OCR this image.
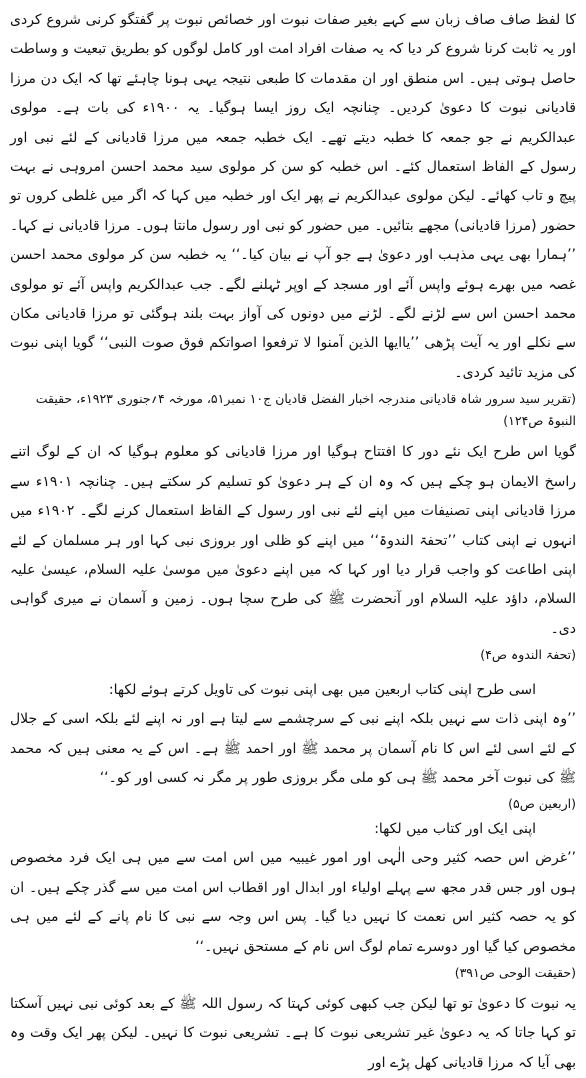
کا لفظ صاف صاف زبان سے کہے بغیر صفات نبوت اور خصائص نبوت پر گفتگو کرنی شروع کردی اور یہ ثابت کرنا شروع کر دیا کہ یہ صفات افراد امت اور کامل لوگوں کو بطریق تبعیت و وساطت حاصل ہوتی ہیں۔ اس منطق اور ان مقدمات کا طبعی نتیجہ یہی ہونا چاہئے تھا کہ ایک دن مرزا قادیانی نبوت کا دعویٰ کردیں۔ چنانچہ ایک روز ایسا ہوگیا۔ یہ ۱۹۰۰ء کی بات ہے۔ مولوی عبدالکریم نے جو جمعہ کا خطبہ دیتے تھے۔ ایک خطبہ جمعہ میں مرزا قادیانی کے لئے نبی اور رسول کے الفاظ استعمال کئے۔ اس خطبہ کو سن کر مولوی سید محمد احسن امروہی نے بہت پیچ و تاب کھائے۔ لیکن مولوی عبدالکریم نے پھر ایک اور خطبہ میں کہا کہ اگر میں غلطی کروں تو حضور (مرزا قادیانی) مجھے بتائیں۔ میں حضور کو نبی اور رسول مانتا ہوں۔ مرزا قادیانی نے کہا۔ ’’ہمارا بھی یہی مذہب اور دعویٰ ہے جو آپ نے بیان کیا۔‘‘ یہ خطبہ سن کر مولوی محمد احسن غصہ میں بھرے ہوئے واپس آئے اور مسجد کے اوپر ٹہلنے لگے۔ جب عبدالکریم واپس آئے تو مولوی محمد احسن اس سے لڑنے لگے۔ لڑنے میں دونوں کی آواز بہت بلند ہوگئی تو مرزا قادیانی مکان سے نکلے اور یہ آیت پڑھی ’’یاایھا الذین آمنوا لا ترفعوا اصواتکم فوق صوت النبی‘‘ گویا اپنی نبوت کی مزید تائید کردی۔

(تقریر سید سرور شاہ قادیانی مندرجہ اخبار الفضل قادیان ج۱۰ نمبر۵۱، مورخہ ۴؍جنوری ۱۹۲۳ء، حقیقت النبوۃ ص۱۲۴)

گویا اس طرح ایک نئے دور کا افتتاح ہوگیا اور مرزا قادیانی کو معلوم ہوگیا کہ ان کے لوگ اتنے راسخ الایمان ہو چکے ہیں کہ وہ ان کے ہر دعویٰ کو تسلیم کر سکتے ہیں۔ چنانچہ ۱۹۰۱ء سے مرزا قادیانی اپنی تصنیفات میں اپنے لئے نبی اور رسول کے الفاظ استعمال کرنے لگے۔ ۱۹۰۲ء میں انہوں نے اپنی کتاب ’’تحفۃ الندوۃ‘‘ میں اپنے کو ظلی اور بروزی نبی کہا اور ہر مسلمان کے لئے اپنی اطاعت کو واجب قرار دیا اور کہا کہ میں اپنے دعویٰ میں موسیٰ علیہ السلام، عیسیٰ علیہ السلام، داؤد علیہ السلام اور آنحضرت ﷺ کی طرح سچا ہوں۔ زمین و آسمان نے میری گواہی دی۔

(تحفۃ الندوہ ص۴)

اسی طرح اپنی کتاب اربعین میں بھی اپنی نبوت کی تاویل کرتے ہوئے لکھا:

’’وہ اپنی ذات سے نہیں بلکہ اپنے نبی کے سرچشمے سے لیتا ہے اور نہ اپنے لئے بلکہ اسی کے جلال کے لئے اسی لئے اس کا نام آسمان پر محمد ﷺ اور احمد ﷺ ہے۔ اس کے یہ معنی ہیں کہ محمد ﷺ کی نبوت آخر محمد ﷺ ہی کو ملی مگر بروزی طور پر مگر نہ کسی اور کو۔‘‘

(اربعین ص۵)

اپنی ایک اور کتاب میں لکھا:

’’غرض اس حصہ کثیر وحی الٰہی اور امور غیبیہ میں اس امت سے میں ہی ایک فرد مخصوص ہوں اور جس قدر مجھ سے پہلے اولیاء اور ابدال اور اقطاب اس امت میں سے گذر چکے ہیں۔ ان کو یہ حصہ کثیر اس نعمت کا نہیں دیا گیا۔ پس اس وجہ سے نبی کا نام پانے کے لئے میں ہی مخصوص کیا گیا اور دوسرے تمام لوگ اس نام کے مستحق نہیں۔‘‘

(حقیقت الوحی ص۳۹۱)

یہ نبوت کا دعویٰ تو تھا لیکن جب کبھی کوئی کہتا کہ رسول اللہ ﷺ کے بعد کوئی نبی نہیں آسکتا تو کہا جاتا کہ یہ دعویٰ غیر تشریعی نبوت کا ہے۔ تشریعی نبوت کا نہیں۔ لیکن پھر ایک وقت وہ بھی آیا کہ مرزا قادیانی کھل پڑے اور
